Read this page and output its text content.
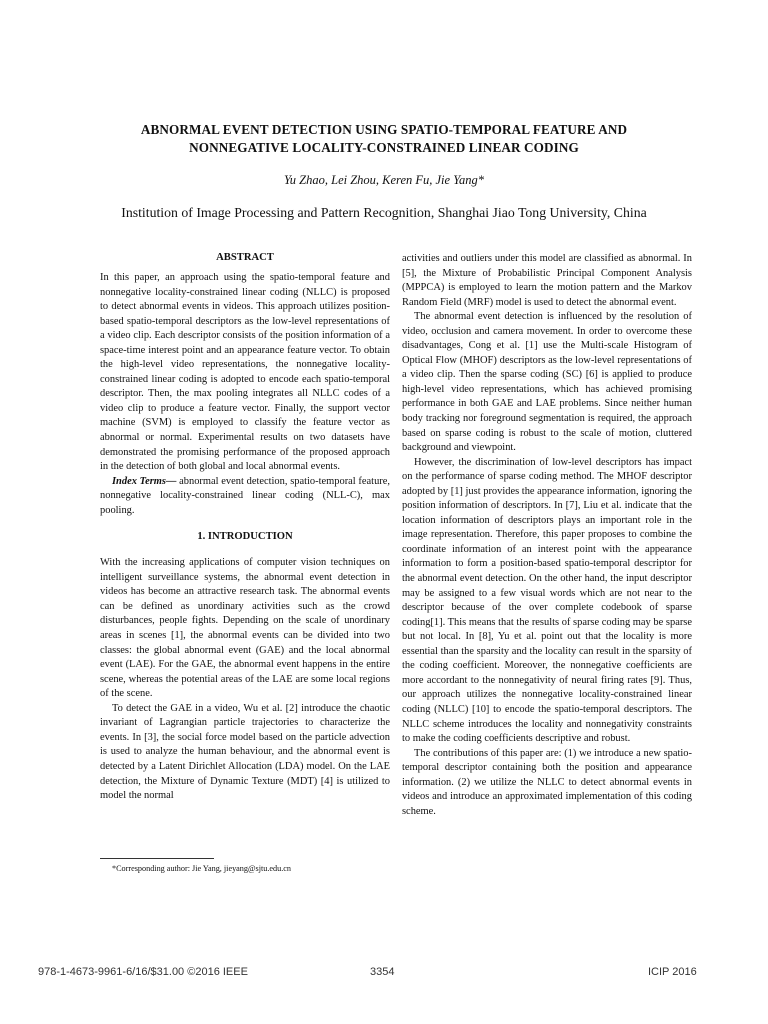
ABNORMAL EVENT DETECTION USING SPATIO-TEMPORAL FEATURE AND
NONNEGATIVE LOCALITY-CONSTRAINED LINEAR CODING
Yu Zhao, Lei Zhou, Keren Fu, Jie Yang*
Institution of Image Processing and Pattern Recognition, Shanghai Jiao Tong University, China
ABSTRACT

In this paper, an approach using the spatio-temporal feature and nonnegative locality-constrained linear coding (NLLC) is proposed to detect abnormal events in videos. This approach utilizes position-based spatio-temporal descriptors as the low-level representations of a video clip. Each descriptor consists of the position information of a space-time interest point and an appearance feature vector. To obtain the high-level video representations, the nonnegative locality-constrained linear coding is adopted to encode each spatio-temporal descriptor. Then, the max pooling integrates all NLLC codes of a video clip to produce a feature vector. Finally, the support vector machine (SVM) is employed to classify the feature vector as abnormal or normal. Experimental results on two datasets have demonstrated the promising performance of the proposed approach in the detection of both global and local abnormal events.

Index Terms— abnormal event detection, spatio-temporal feature, nonnegative locality-constrained linear coding (NLL-C), max pooling.

1. INTRODUCTION

With the increasing applications of computer vision techniques on intelligent surveillance systems, the abnormal event detection in videos has become an attractive research task. The abnormal events can be defined as unordinary activities such as the crowd disturbances, people fights. Depending on the scale of unordinary areas in scenes [1], the abnormal events can be divided into two classes: the global abnormal event (GAE) and the local abnormal event (LAE). For the GAE, the abnormal event happens in the entire scene, whereas the potential areas of the LAE are some local regions of the scene.

To detect the GAE in a video, Wu et al. [2] introduce the chaotic invariant of Lagrangian particle trajectories to characterize the events. In [3], the social force model based on the particle advection is used to analyze the human behaviour, and the abnormal event is detected by a Latent Dirichlet Allocation (LDA) model. On the LAE detection, the Mixture of Dynamic Texture (MDT) [4] is utilized to model the normal

*Corresponding author: Jie Yang, jieyang@sjtu.edu.cn

activities and outliers under this model are classified as abnormal. In [5], the Mixture of Probabilistic Principal Component Analysis (MPPCA) is employed to learn the motion pattern and the Markov Random Field (MRF) model is used to detect the abnormal event.

The abnormal event detection is influenced by the resolution of video, occlusion and camera movement. In order to overcome these disadvantages, Cong et al. [1] use the Multi-scale Histogram of Optical Flow (MHOF) descriptors as the low-level representations of a video clip. Then the sparse coding (SC) [6] is applied to produce high-level video representations, which has achieved promising performance in both GAE and LAE problems. Since neither human body tracking nor foreground segmentation is required, the approach based on sparse coding is robust to the scale of motion, cluttered background and viewpoint.

However, the discrimination of low-level descriptors has impact on the performance of sparse coding method. The MHOF descriptor adopted by [1] just provides the appearance information, ignoring the position information of descriptors. In [7], Liu et al. indicate that the location information of descriptors plays an important role in the image representation. Therefore, this paper proposes to combine the coordinate information of an interest point with the appearance information to form a position-based spatio-temporal descriptor for the abnormal event detection. On the other hand, the input descriptor may be assigned to a few visual words which are not near to the descriptor because of the over complete codebook of sparse coding[1]. This means that the results of sparse coding may be sparse but not local. In [8], Yu et al. point out that the locality is more essential than the sparsity and the locality can result in the sparsity of the coding coefficient. Moreover, the nonnegative coefficients are more accordant to the nonnegativity of neural firing rates [9]. Thus, our approach utilizes the nonnegative locality-constrained linear coding (NLLC) [10] to encode the spatio-temporal descriptors. The NLLC scheme introduces the locality and nonnegativity constraints to make the coding coefficients descriptive and robust.

The contributions of this paper are: (1) we introduce a new spatio-temporal descriptor containing both the position and appearance information. (2) we utilize the NLLC to detect abnormal events in videos and introduce an approximated implementation of this coding scheme.

978-1-4673-9961-6/16/$31.00 ©2016 IEEE	3354	ICIP 2016
